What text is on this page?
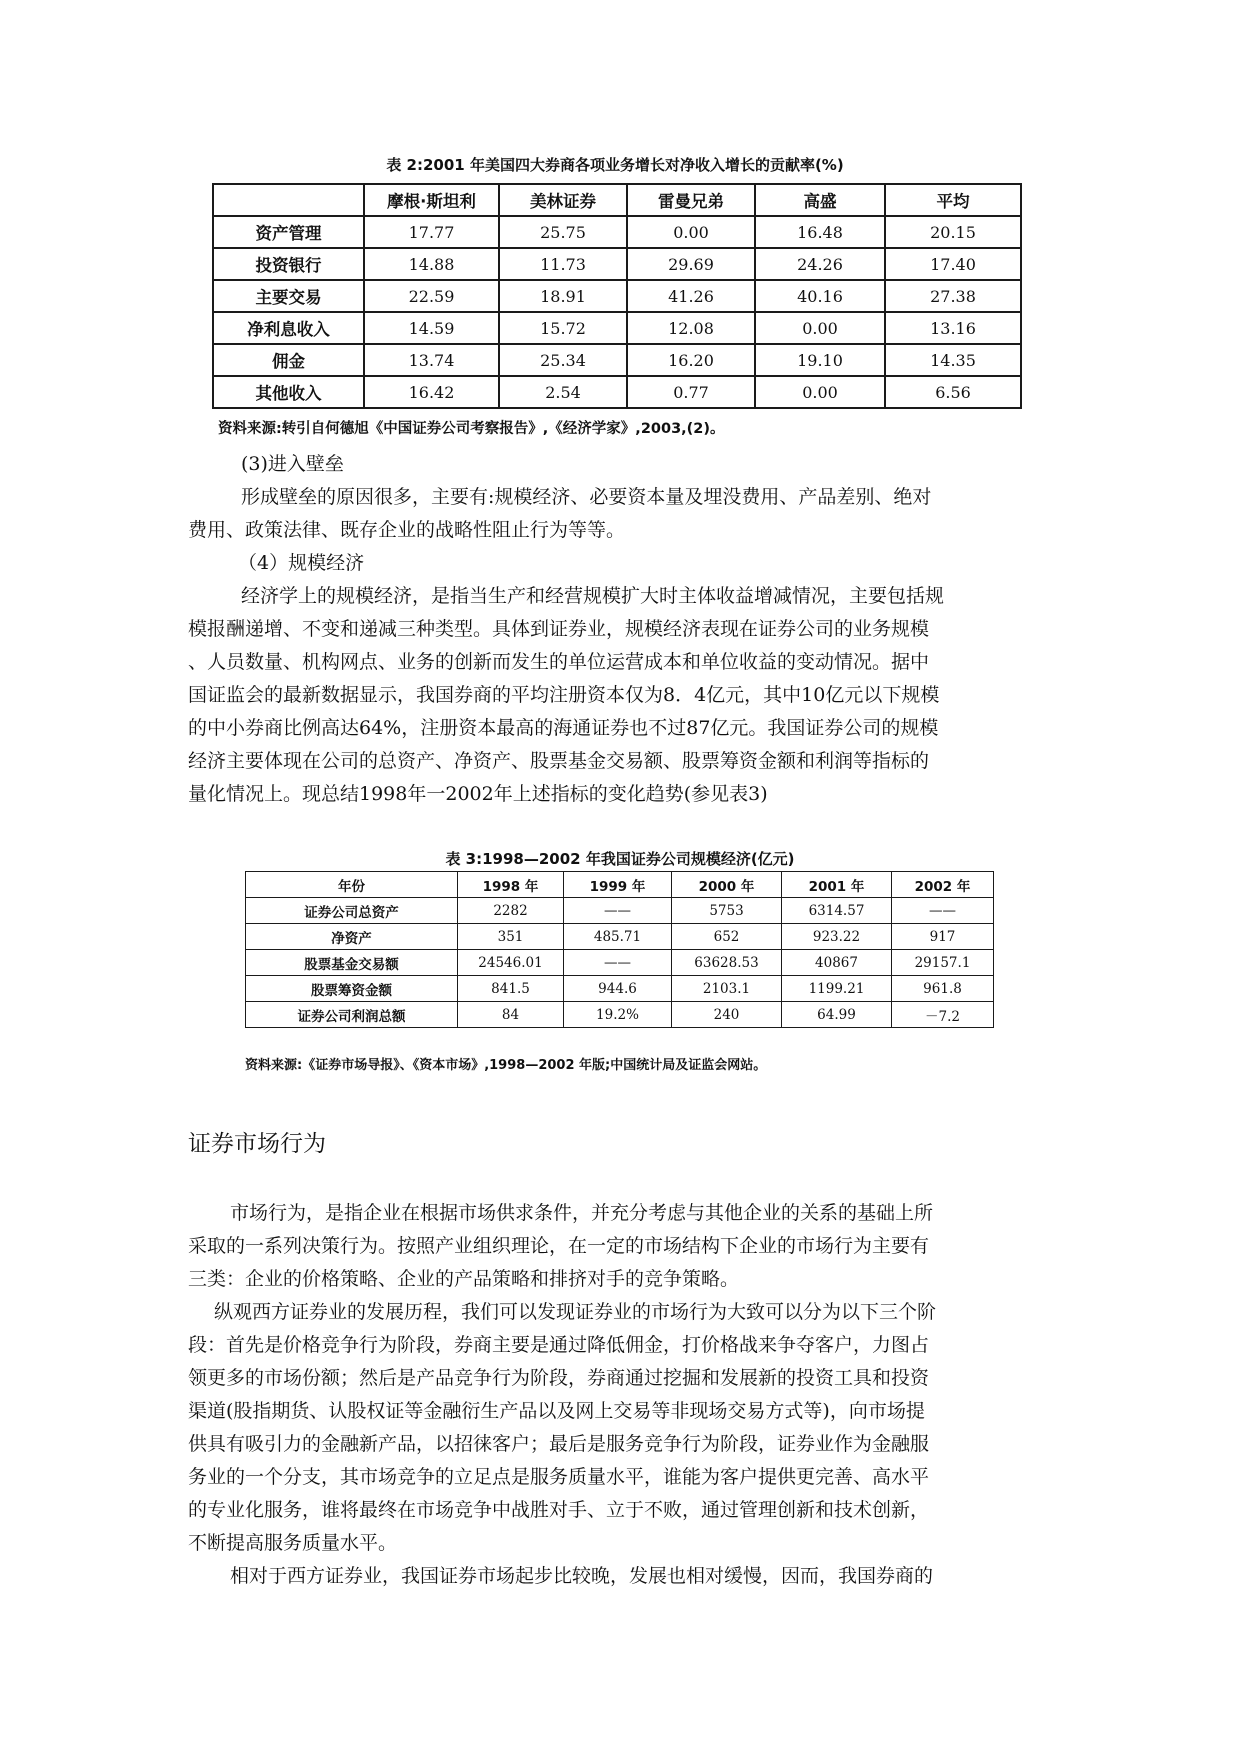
表 2:2001 年美国四大券商各项业务增长对净收入增长的贡献率(%)
	摩根·斯坦利	美林证券	雷曼兄弟	高盛	平均
资产管理	17.77	25.75	0.00	16.48	20.15
投资银行	14.88	11.73	29.69	24.26	17.40
主要交易	22.59	18.91	41.26	40.16	27.38
净利息收入	14.59	15.72	12.08	0.00	13.16
佣金	13.74	25.34	16.20	19.10	14.35
其他收入	16.42	2.54	0.77	0.00	6.56
资料来源:转引自何德旭《中国证券公司考察报告》,《经济学家》,2003,(2)。
(3)进入壁垒
形成壁垒的原因很多，主要有:规模经济、必要资本量及埋没费用、产品差别、绝对
费用、政策法律、既存企业的战略性阻止行为等等。
（4）规模经济
经济学上的规模经济，是指当生产和经营规模扩大时主体收益增减情况，主要包括规
模报酬递增、不变和递减三种类型。具体到证券业，规模经济表现在证券公司的业务规模
、人员数量、机构网点、业务的创新而发生的单位运营成本和单位收益的变动情况。据中
国证监会的最新数据显示，我国券商的平均注册资本仅为8．4亿元，其中10亿元以下规模
的中小券商比例高达64%，注册资本最高的海通证券也不过87亿元。我国证券公司的规模
经济主要体现在公司的总资产、净资产、股票基金交易额、股票筹资金额和利润等指标的
量化情况上。现总结1998年一2002年上述指标的变化趋势(参见表3)
表 3:1998—2002 年我国证券公司规模经济(亿元)
年份	1998 年	1999 年	2000 年	2001 年	2002 年
证券公司总资产	2282	——	5753	6314.57	——
净资产	351	485.71	652	923.22	917
股票基金交易额	24546.01	——	63628.53	40867	29157.1
股票筹资金额	841.5	944.6	2103.1	1199.21	961.8
证券公司利润总额	84	19.2%	240	64.99	－7.2
资料来源:《证券市场导报》、《资本市场》,1998—2002 年版;中国统计局及证监会网站。
证券市场行为
市场行为，是指企业在根据市场供求条件，并充分考虑与其他企业的关系的基础上所
采取的一系列决策行为。按照产业组织理论，在一定的市场结构下企业的市场行为主要有
三类：企业的价格策略、企业的产品策略和排挤对手的竞争策略。
纵观西方证券业的发展历程，我们可以发现证券业的市场行为大致可以分为以下三个阶
段：首先是价格竞争行为阶段，券商主要是通过降低佣金，打价格战来争夺客户，力图占
领更多的市场份额；然后是产品竞争行为阶段，券商通过挖掘和发展新的投资工具和投资
渠道(股指期货、认股权证等金融衍生产品以及网上交易等非现场交易方式等)，向市场提
供具有吸引力的金融新产品，以招徕客户；最后是服务竞争行为阶段，证券业作为金融服
务业的一个分支，其市场竞争的立足点是服务质量水平，谁能为客户提供更完善、高水平
的专业化服务，谁将最终在市场竞争中战胜对手、立于不败，通过管理创新和技术创新，
不断提高服务质量水平。
相对于西方证券业，我国证券市场起步比较晚，发展也相对缓慢，因而，我国券商的
